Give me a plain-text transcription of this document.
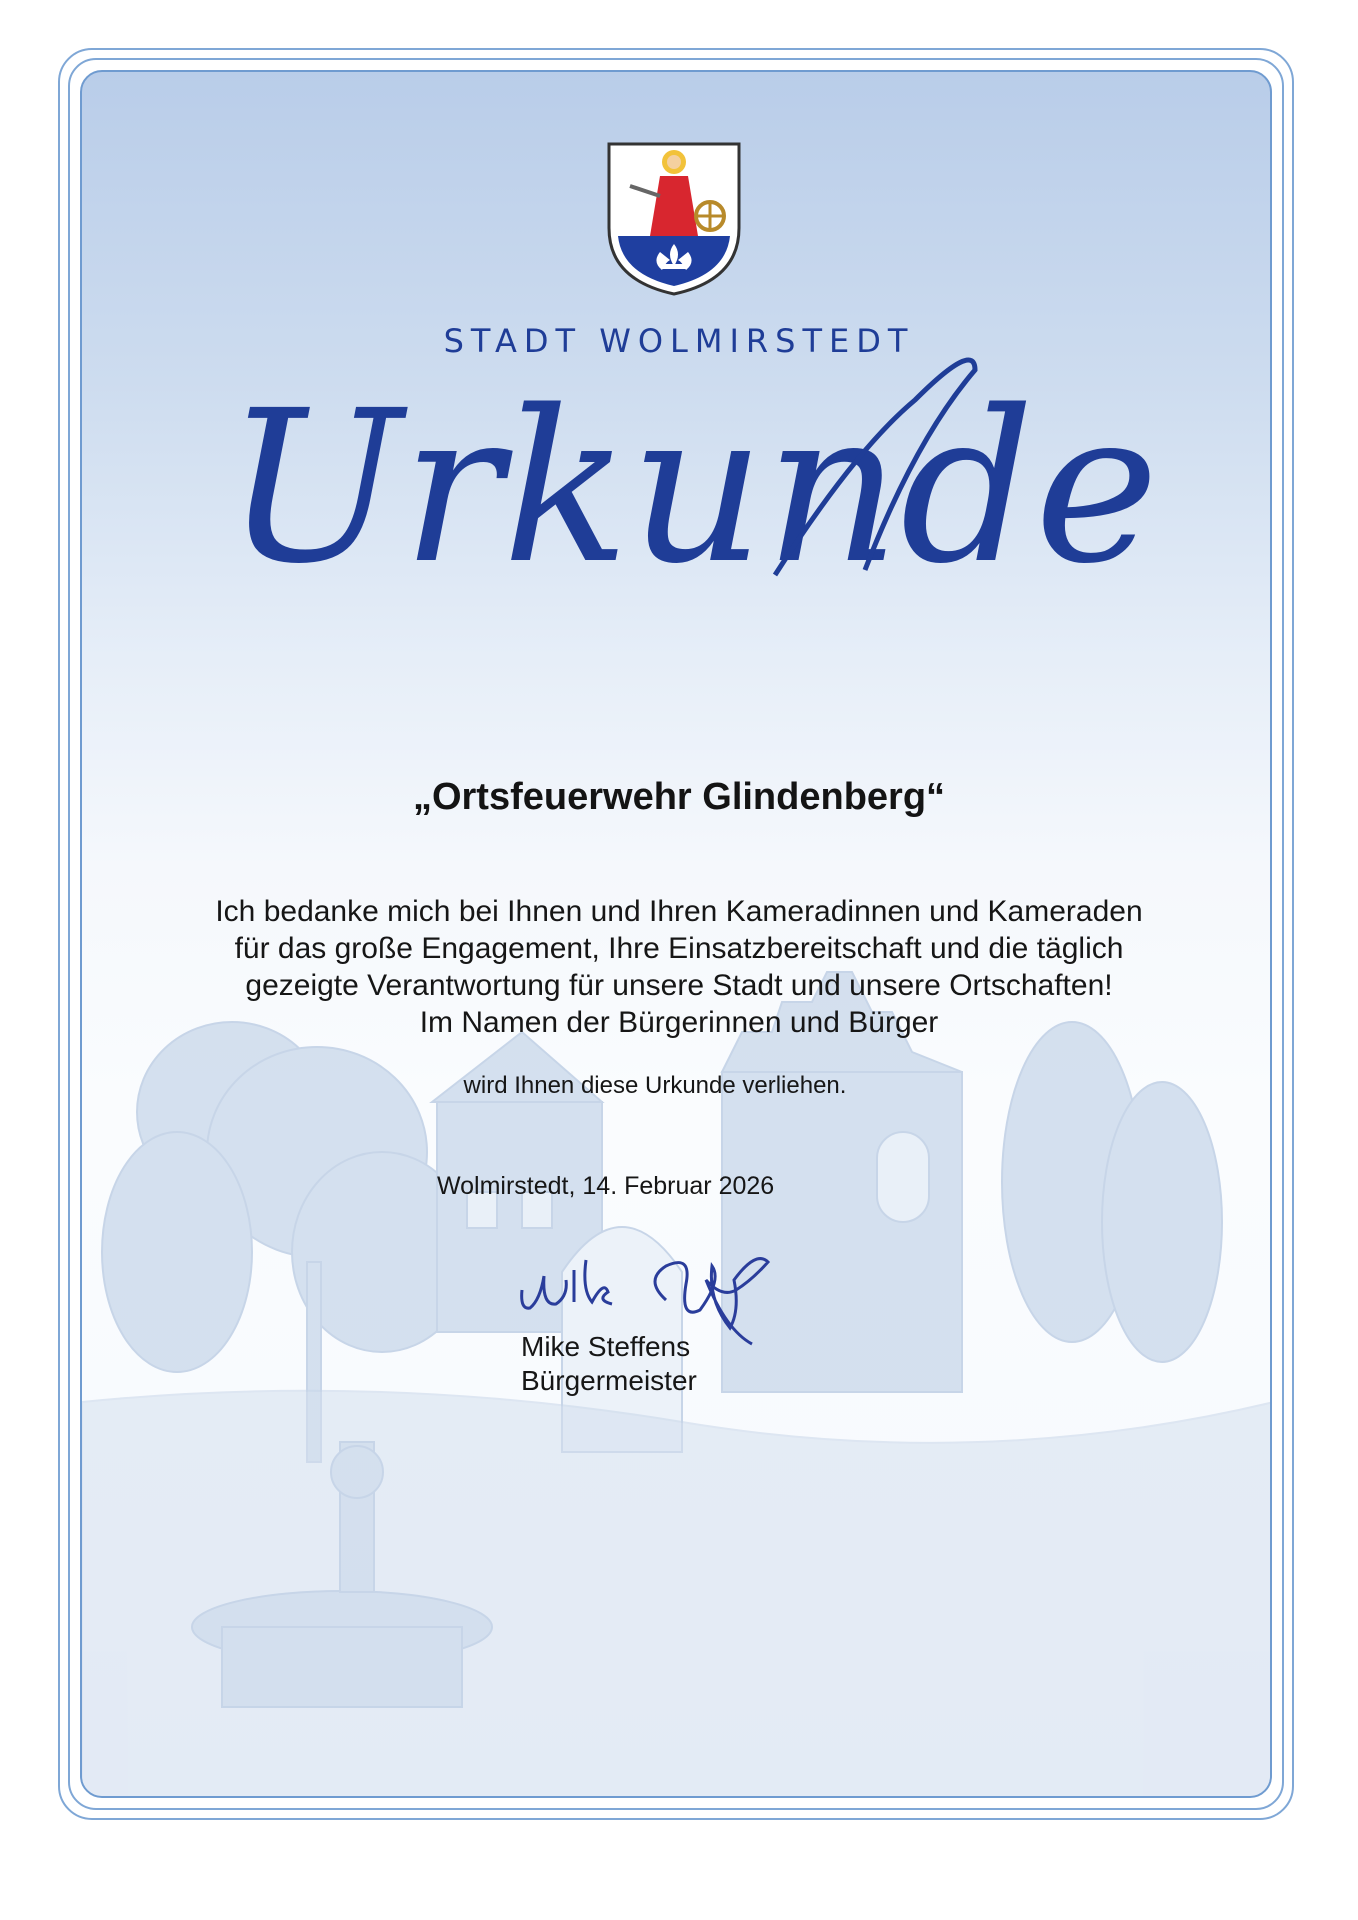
STADT WOLMIRSTEDT
Urkunde
„Ortsfeuerwehr Glindenberg“
Ich bedanke mich bei Ihnen und Ihren Kameradinnen und Kameraden
für das große Engagement, Ihre Einsatzbereitschaft und die täglich
gezeigte Verantwortung für unsere Stadt und unsere Ortschaften!
Im Namen der Bürgerinnen und Bürger
wird Ihnen diese Urkunde verliehen.
Wolmirstedt, 14. Februar 2026
Mike Steffens
Bürgermeister
